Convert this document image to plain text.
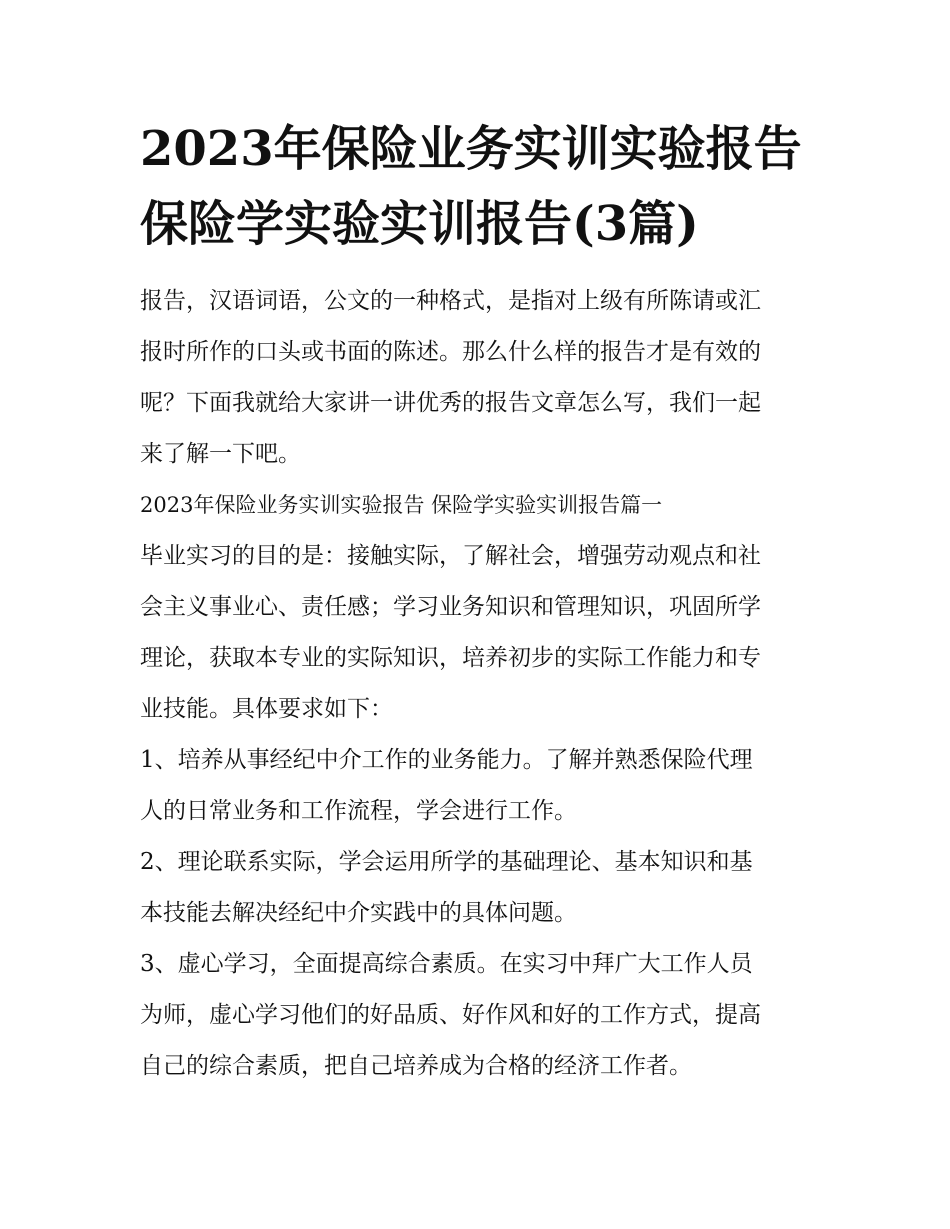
2023年保险业务实训实验报告
保险学实验实训报告(3篇)
报告，汉语词语，公文的一种格式，是指对上级有所陈请或汇
报时所作的口头或书面的陈述。那么什么样的报告才是有效的
呢？下面我就给大家讲一讲优秀的报告文章怎么写，我们一起
来了解一下吧。
2023年保险业务实训实验报告 保险学实验实训报告篇一
毕业实习的目的是：接触实际，了解社会，增强劳动观点和社
会主义事业心、责任感；学习业务知识和管理知识，巩固所学
理论，获取本专业的实际知识，培养初步的实际工作能力和专
业技能。具体要求如下：
1、培养从事经纪中介工作的业务能力。了解并熟悉保险代理
人的日常业务和工作流程，学会进行工作。
2、理论联系实际，学会运用所学的基础理论、基本知识和基
本技能去解决经纪中介实践中的具体问题。
3、虚心学习，全面提高综合素质。在实习中拜广大工作人员
为师，虚心学习他们的好品质、好作风和好的工作方式，提高
自己的综合素质，把自己培养成为合格的经济工作者。
